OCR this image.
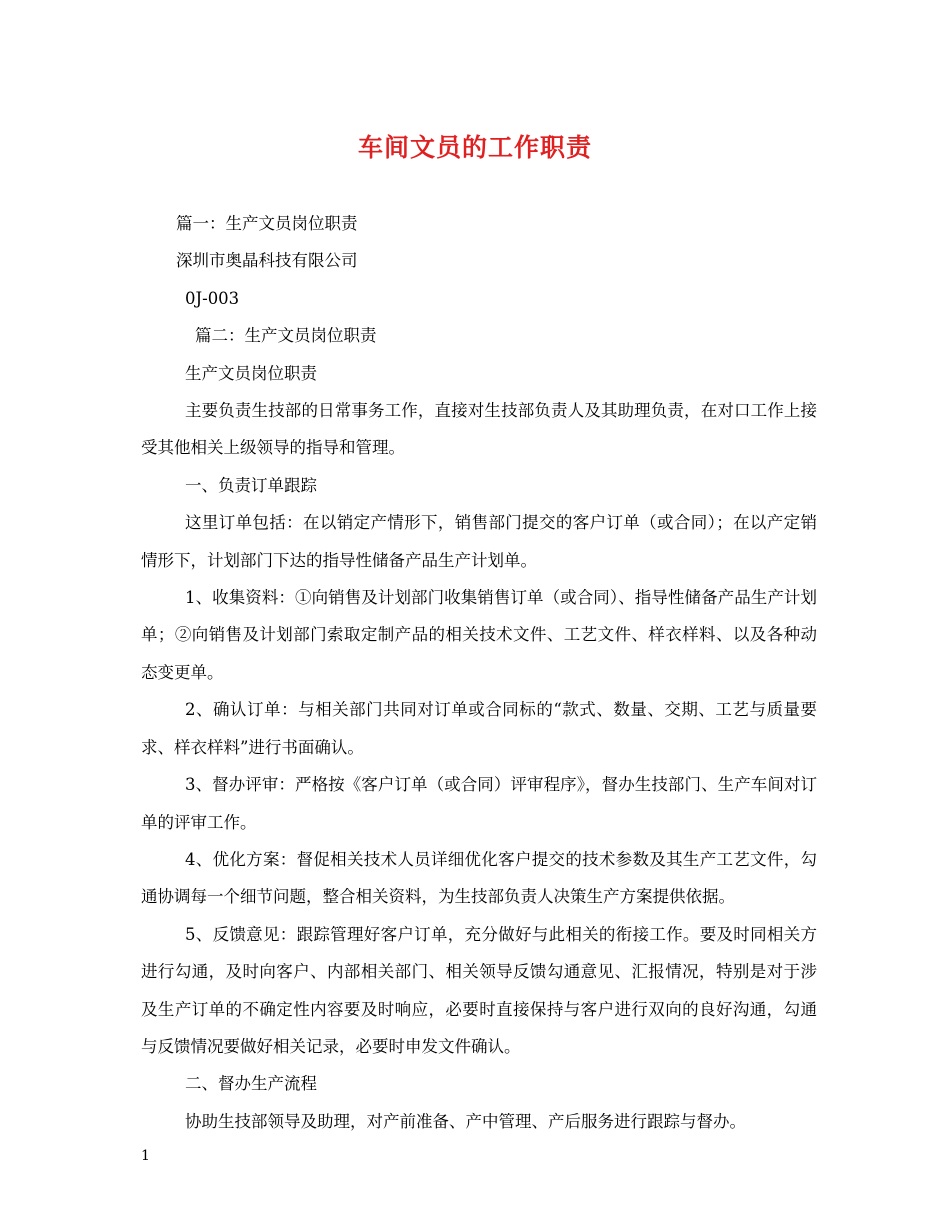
车间文员的工作职责
篇一：生产文员岗位职责
深圳市奥晶科技有限公司
0J-003
篇二：生产文员岗位职责
生产文员岗位职责

主要负责生技部的日常事务工作，直接对生技部负责人及其助理负责，在对口工作上接受其他相关上级领导的指导和管理。

一、负责订单跟踪

这里订单包括：在以销定产情形下，销售部门提交的客户订单（或合同）；在以产定销情形下，计划部门下达的指导性储备产品生产计划单。

1、收集资料：①向销售及计划部门收集销售订单（或合同）、指导性储备产品生产计划单；②向销售及计划部门索取定制产品的相关技术文件、工艺文件、样衣样料、以及各种动态变更单。

2、确认订单：与相关部门共同对订单或合同标的“款式、数量、交期、工艺与质量要求、样衣样料”进行书面确认。

3、督办评审：严格按《客户订单（或合同）评审程序》，督办生技部门、生产车间对订单的评审工作。

4、优化方案：督促相关技术人员详细优化客户提交的技术参数及其生产工艺文件，勾通协调每一个细节问题，整合相关资料，为生技部负责人决策生产方案提供依据。

5、反馈意见：跟踪管理好客户订单，充分做好与此相关的衔接工作。要及时同相关方进行勾通，及时向客户、内部相关部门、相关领导反馈勾通意见、汇报情况，特别是对于涉及生产订单的不确定性内容要及时响应，必要时直接保持与客户进行双向的良好沟通，勾通与反馈情况要做好相关记录，必要时申发文件确认。

二、督办生产流程

协助生技部领导及助理，对产前准备、产中管理、产后服务进行跟踪与督办。

1
